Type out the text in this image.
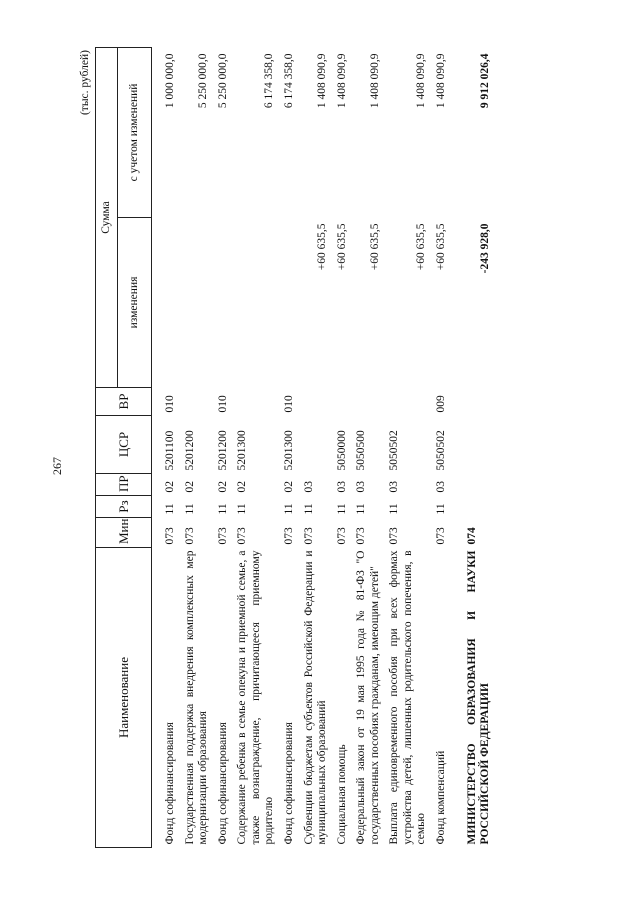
267
(тыс. рублей)
Наименование	Мин	Рз	ПР	ЦСР	ВР	Сумма	
						изменения	с учетом изменений
Фонд софинансирования	073	11	02	5201100	010		1 000 000,0
Государственная поддержка внедрения комплексных мер модернизации образования	073	11	02	5201200			5 250 000,0
Фонд софинансирования	073	11	02	5201200	010		5 250 000,0
Содержание ребенка в семье опекуна и приемной семье, а также вознаграждение, причитающееся приемному родителю	073	11	02	5201300			6 174 358,0
Фонд софинансирования	073	11	02	5201300	010		6 174 358,0
Субвенции бюджетам субъектов Российской Федерации и муниципальных образований	073	11	03			+60 635,5	1 408 090,9
Социальная помощь	073	11	03	5050000		+60 635,5	1 408 090,9
Федеральный закон от 19 мая 1995 года № 81-ФЗ "О государственных пособиях гражданам, имеющим детей"	073	11	03	5050500		+60 635,5	1 408 090,9
Выплата единовременного пособия при всех формах устройства детей, лишенных родительского попечения, в семью	073	11	03	5050502		+60 635,5	1 408 090,9
Фонд компенсаций	073	11	03	5050502	009	+60 635,5	1 408 090,9
МИНИСТЕРСТВО ОБРАЗОВАНИЯ И НАУКИ РОССИЙСКОЙ ФЕДЕРАЦИИ	074					-243 928,0	9 912 026,4
